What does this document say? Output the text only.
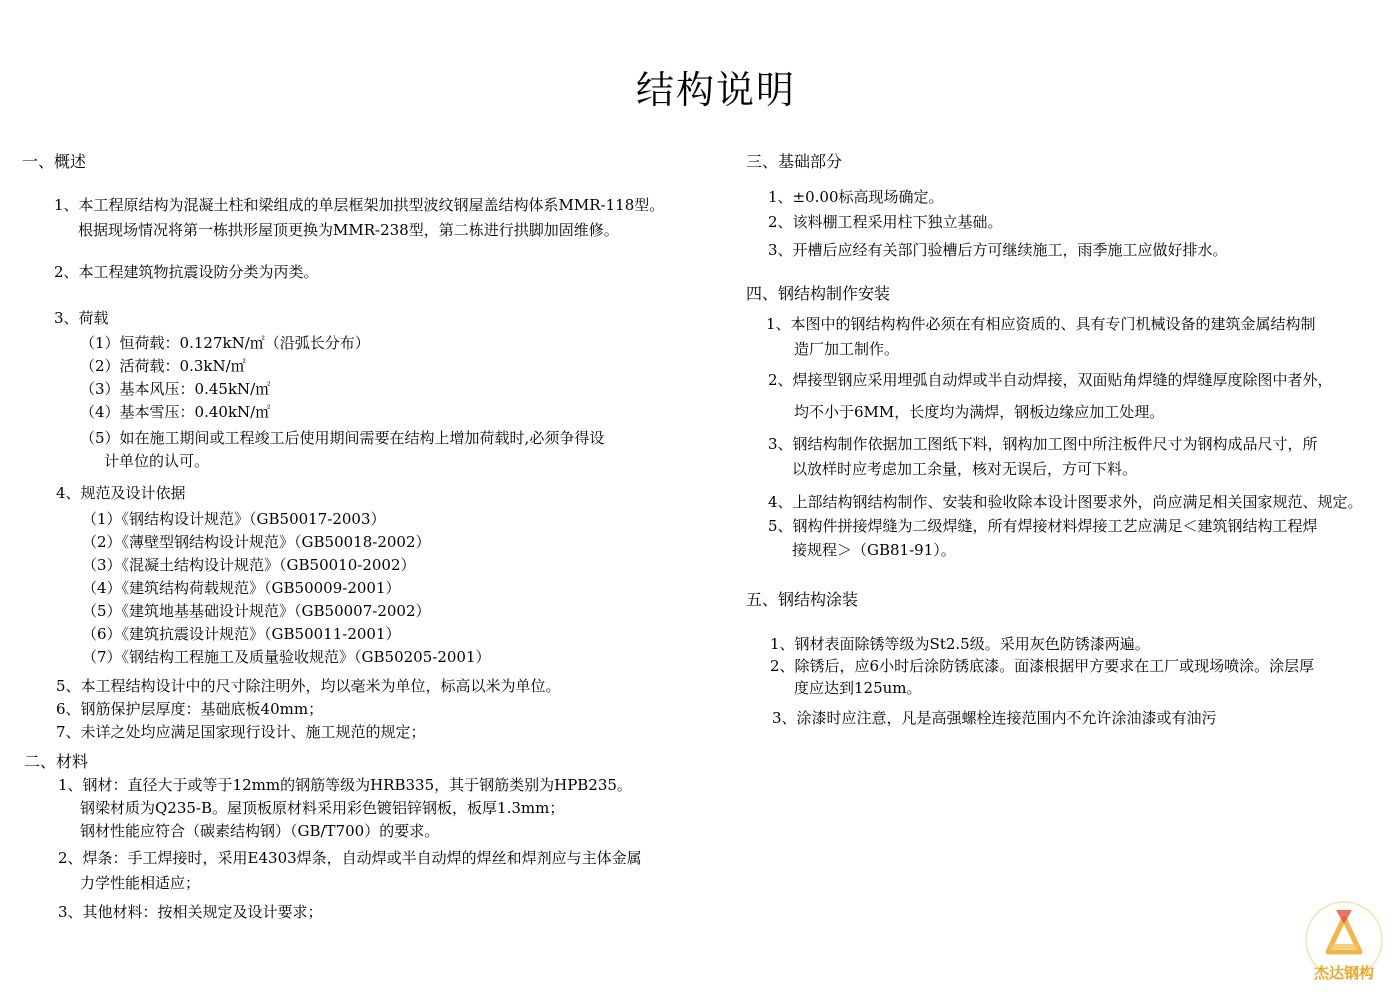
结构说明
一、概述
1、本工程原结构为混凝土柱和梁组成的单层框架加拱型波纹钢屋盖结构体系MMR-118型。
根据现场情况将第一栋拱形屋顶更换为MMR-238型，第二栋进行拱脚加固维修。
2、本工程建筑物抗震设防分类为丙类。
3、荷载
（1）恒荷载：0.127kN/㎡（沿弧长分布）
（2）活荷载：0.3kN/㎡
（3）基本风压：0.45kN/㎡
（4）基本雪压：0.40kN/㎡
（5）如在施工期间或工程竣工后使用期间需要在结构上增加荷载时,必须争得设
计单位的认可。
4、规范及设计依据
（1）《钢结构设计规范》（GB50017-2003）
（2）《薄壁型钢结构设计规范》（GB50018-2002）
（3）《混凝土结构设计规范》（GB50010-2002）
（4）《建筑结构荷载规范》（GB50009-2001）
（5）《建筑地基基础设计规范》（GB50007-2002）
（6）《建筑抗震设计规范》（GB50011-2001）
（7）《钢结构工程施工及质量验收规范》（GB50205-2001）
5、本工程结构设计中的尺寸除注明外，均以毫米为单位，标高以米为单位。
6、钢筋保护层厚度：基础底板40mm；
7、未详之处均应满足国家现行设计、施工规范的规定；
二、材料
1、钢材：直径大于或等于12mm的钢筋等级为HRB335，其于钢筋类别为HPB235。
钢梁材质为Q235-B。屋顶板原材料采用彩色镀铝锌钢板，板厚1.3mm；
钢材性能应符合（碳素结构钢）（GB/T700）的要求。
2、焊条：手工焊接时，采用E4303焊条，自动焊或半自动焊的焊丝和焊剂应与主体金属
力学性能相适应；
3、其他材料：按相关规定及设计要求；
三、基础部分
1、±0.00标高现场确定。
2、该料棚工程采用柱下独立基础。
3、开槽后应经有关部门验槽后方可继续施工，雨季施工应做好排水。
四、钢结构制作安装
1、本图中的钢结构构件必须在有相应资质的、具有专门机械设备的建筑金属结构制
造厂加工制作。
2、焊接型钢应采用埋弧自动焊或半自动焊接，双面贴角焊缝的焊缝厚度除图中者外，
均不小于6MM，长度均为满焊，钢板边缘应加工处理。
3、钢结构制作依据加工图纸下料，钢构加工图中所注板件尺寸为钢构成品尺寸，所
以放样时应考虑加工余量，核对无误后，方可下料。
4、上部结构钢结构制作、安装和验收除本设计图要求外，尚应满足相关国家规范、规定。
5、钢构件拼接焊缝为二级焊缝，所有焊接材料焊接工艺应满足＜建筑钢结构工程焊
接规程＞（GB81-91）。
五、钢结构涂装
1、钢材表面除锈等级为St2.5级。采用灰色防锈漆两遍。
2、除锈后，应6小时后涂防锈底漆。面漆根据甲方要求在工厂或现场喷涂。涂层厚
度应达到125um。
3、涂漆时应注意，凡是高强螺栓连接范围内不允许涂油漆或有油污
杰达钢构
